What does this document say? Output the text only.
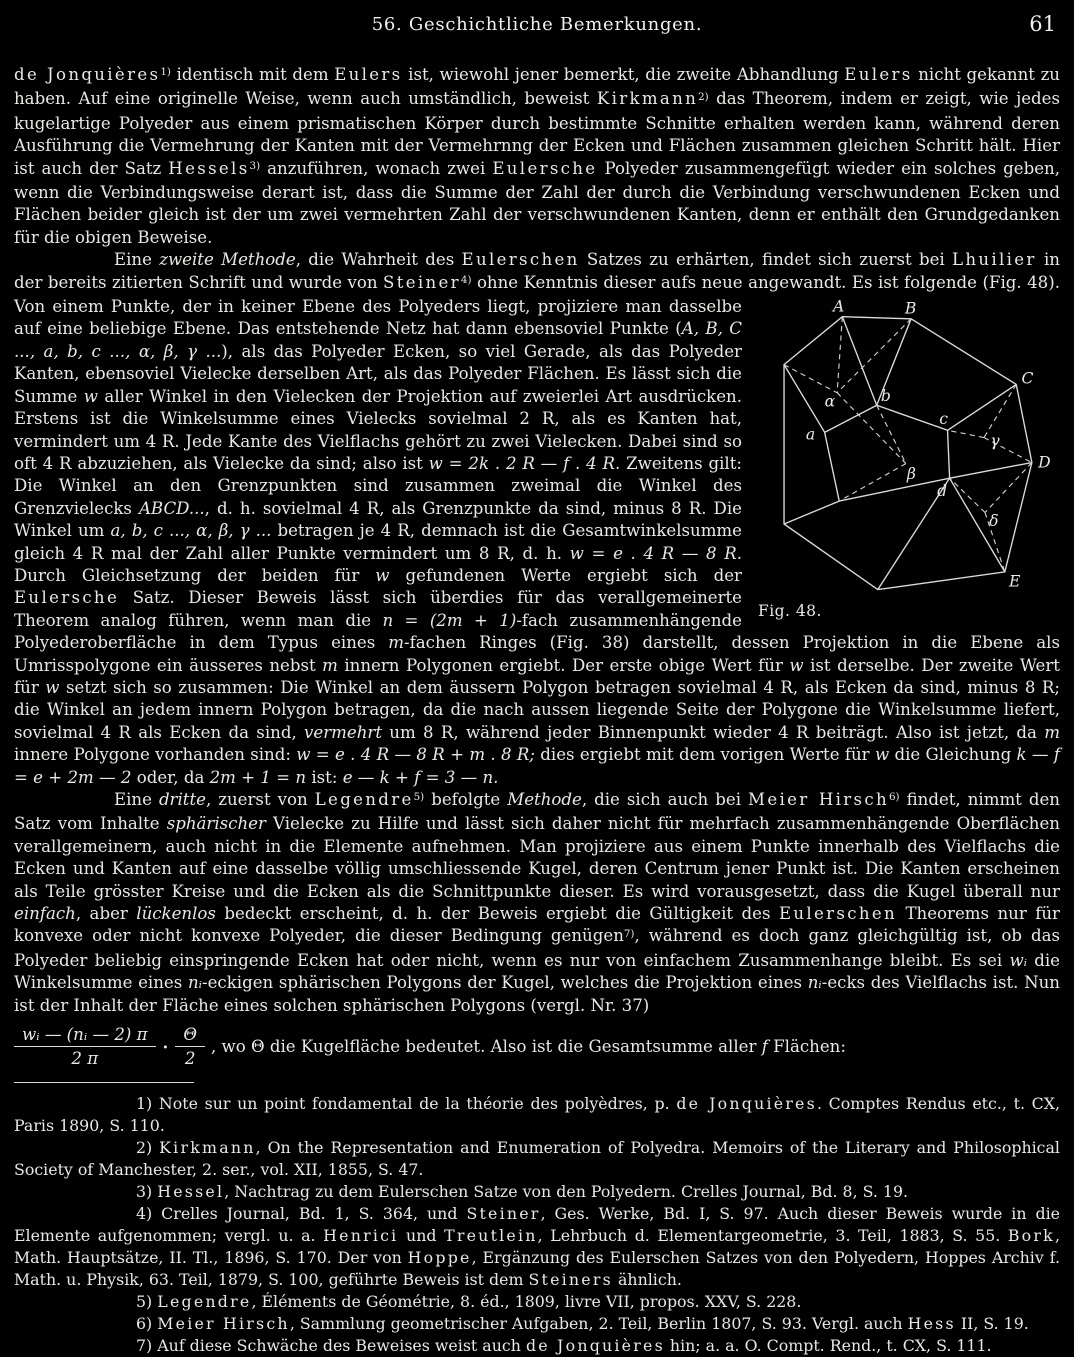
56. Geschichtliche Bemerkungen.	61
de Jonquières$^{1)}$ identisch mit dem Eulers ist, wiewohl jener bemerkt, die zweite Abhandlung Eulers nicht gekannt zu haben. Auf eine originelle Weise, wenn auch umständlich, beweist Kirkmann$^{2)}$ das Theorem, indem er zeigt, wie jedes kugelartige Polyeder aus einem prismatischen Körper durch bestimmte Schnitte erhalten werden kann, während deren Ausführung die Vermehrung der Kanten mit der Vermehrnng der Ecken und Flächen zusammen gleichen Schritt hält. Hier ist auch der Satz Hessels$^{3)}$ anzuführen, wonach zwei Eulersche Polyeder zusammengefügt wieder ein solches geben, wenn die Verbindungsweise derart ist, dass die Summe der Zahl der durch die Verbindung verschwundenen Ecken und Flächen beider gleich ist der um zwei vermehrten Zahl der verschwundenen Kanten, denn er enthält den Grundgedanken für die obigen Beweise.
Eine zweite Methode, die Wahrheit des Eulerschen Satzes zu erhärten, findet sich zuerst bei Lhuilier in der bereits zitierten Schrift und wurde von Steiner$^{4)}$ ohne Kenntnis dieser aufs neue angewandt. Es ist folgende (Fig. 48).
A	B
C
D
E
a
b
c
d
α
β
γ
δ
Fig. 48.
Von einem Punkte, der in keiner Ebene des Polyeders liegt, projiziere man dasselbe auf eine beliebige Ebene. Das entstehende Netz hat dann ebensoviel Punkte (A, B, C ..., a, b, c ..., α, β, γ ...), als das Polyeder Ecken, so viel Gerade, als das Polyeder Kanten, ebensoviel Vielecke derselben Art, als das Polyeder Flächen. Es lässt sich die Summe w aller Winkel in den Vielecken der Projektion auf zweierlei Art ausdrücken. Erstens ist die Winkelsumme eines Vielecks sovielmal 2 R, als es Kanten hat, vermindert um 4 R. Jede Kante des Vielflachs gehört zu zwei Vielecken. Dabei sind so oft 4 R abzuziehen, als Vielecke da sind; also ist w = 2k . 2 R — f . 4 R. Zweitens gilt: Die Winkel an den Grenzpunkten sind zusammen zweimal die Winkel des Grenzvielecks ABCD..., d. h. sovielmal 4 R, als Grenzpunkte da sind, minus 8 R. Die Winkel um a, b, c ..., α, β, γ ... betragen je 4 R, demnach ist die Gesamtwinkelsumme gleich 4 R mal der Zahl aller Punkte vermindert um 8 R, d. h. w = e . 4 R — 8 R. Durch Gleichsetzung der beiden für w gefundenen Werte ergiebt sich der Eulersche Satz. Dieser Beweis lässt sich überdies für das verallgemeinerte Theorem analog führen, wenn man die n = (2m + 1)-fach zusammenhängende Polyederoberfläche in dem Typus eines m-fachen Ringes (Fig. 38) darstellt, dessen Projektion in die Ebene als Umrisspolygone ein äusseres nebst m innern Polygonen ergiebt. Der erste obige Wert für w ist derselbe. Der zweite Wert für w setzt sich so zusammen: Die Winkel an dem äussern Polygon betragen sovielmal 4 R, als Ecken da sind, minus 8 R; die Winkel an jedem innern Polygon betragen, da die nach aussen liegende Seite der Polygone die Winkelsumme liefert, sovielmal 4 R als Ecken da sind, vermehrt um 8 R, während jeder Binnenpunkt wieder 4 R beiträgt. Also ist jetzt, da m innere Polygone vorhanden sind: w = e . 4 R — 8 R + m . 8 R; dies ergiebt mit dem vorigen Werte für w die Gleichung k — f = e + 2m — 2 oder, da 2m + 1 = n ist: e — k + f = 3 — n.
Eine dritte, zuerst von Legendre$^{5)}$ befolgte Methode, die sich auch bei Meier Hirsch$^{6)}$ findet, nimmt den Satz vom Inhalte sphärischer Vielecke zu Hilfe und lässt sich daher nicht für mehrfach zusammenhängende Oberflächen verallgemeinern, auch nicht in die Elemente aufnehmen. Man projiziere aus einem Punkte innerhalb des Vielflachs die Ecken und Kanten auf eine dasselbe völlig umschliessende Kugel, deren Centrum jener Punkt ist. Die Kanten erscheinen als Teile grösster Kreise und die Ecken als die Schnittpunkte dieser. Es wird vorausgesetzt, dass die Kugel überall nur einfach, aber lückenlos bedeckt erscheint, d. h. der Beweis ergiebt die Gültigkeit des Eulerschen Theorems nur für konvexe oder nicht konvexe Polyeder, die dieser Bedingung genügen$^{7)}$, während es doch ganz gleichgültig ist, ob das Polyeder beliebig einspringende Ecken hat oder nicht, wenn es nur von einfachem Zusammenhange bleibt. Es sei wᵢ die Winkelsumme eines nᵢ-eckigen sphärischen Polygons der Kugel, welches die Projektion eines nᵢ-ecks des Vielflachs ist. Nun ist der Inhalt der Fläche eines solchen sphärischen Polygons (vergl. Nr. 37)
$\frac{\text{wᵢ — (nᵢ — 2) π}}{2 \pi} \cdot \frac{\Theta}{2}$ , wo Θ die Kugelfläche bedeutet. Also ist die Gesamtsumme aller f Flächen:
1) Note sur un point fondamental de la théorie des polyèdres, p. de Jonquières. Comptes Rendus etc., t. CX, Paris 1890, S. 110.
2) Kirkmann, On the Representation and Enumeration of Polyedra. Memoirs of the Literary and Philosophical Society of Manchester, 2. ser., vol. XII, 1855, S. 47.
3) Hessel, Nachtrag zu dem Eulerschen Satze von den Polyedern. Crelles Journal, Bd. 8, S. 19.
4) Crelles Journal, Bd. 1, S. 364, und Steiner, Ges. Werke, Bd. I, S. 97. Auch dieser Beweis wurde in die Elemente aufgenommen; vergl. u. a. Henrici und Treutlein, Lehrbuch d. Elementargeometrie, 3. Teil, 1883, S. 55. Bork, Math. Hauptsätze, II. Tl., 1896, S. 170. Der von Hoppe, Ergänzung des Eulerschen Satzes von den Polyedern, Hoppes Archiv f. Math. u. Physik, 63. Teil, 1879, S. 100, geführte Beweis ist dem Steiners ähnlich.
5) Legendre, Éléments de Géométrie, 8. éd., 1809, livre VII, propos. XXV, S. 228.
6) Meier Hirsch, Sammlung geometrischer Aufgaben, 2. Teil, Berlin 1807, S. 93. Vergl. auch Hess II, S. 19.
7) Auf diese Schwäche des Beweises weist auch de Jonquières hin; a. a. O. Compt. Rend., t. CX, S. 111.
